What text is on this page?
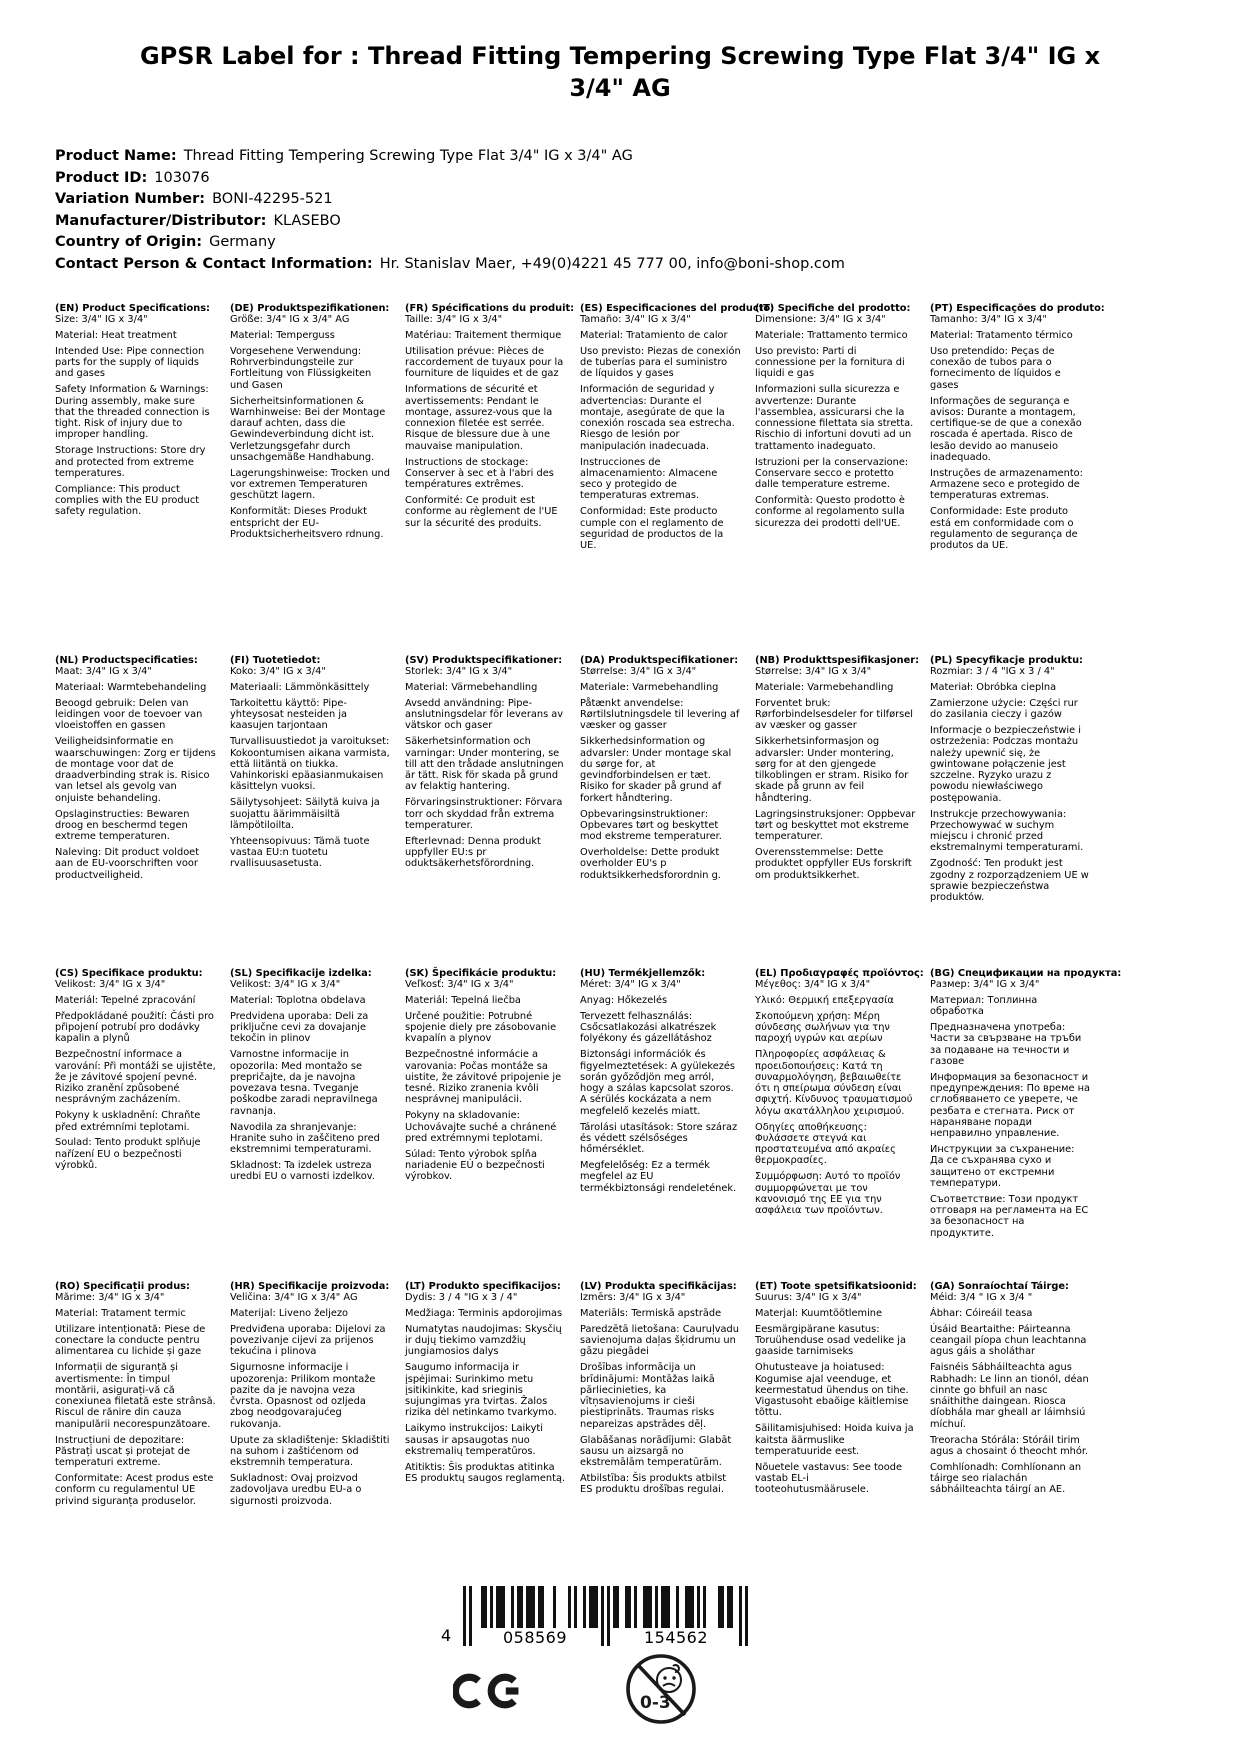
GPSR Label for : Thread Fitting Tempering Screwing Type Flat 3/4" IG x 3/4" AG
Product Name: Thread Fitting Tempering Screwing Type Flat 3/4" IG x 3/4" AG
Product ID: 103076
Variation Number: BONI-42295-521
Manufacturer/Distributor: KLASEBO
Country of Origin: Germany
Contact Person & Contact Information: Hr. Stanislav Maer, +49(0)4221 45 777 00, info@boni-shop.com
(EN) Product Specifications:

Size: 3/4" IG x 3/4"

Material: Heat treatment

Intended Use: Pipe connection parts for the supply of liquids and gases

Safety Information & Warnings: During assembly, make sure that the threaded connection is tight. Risk of injury due to improper handling.

Storage Instructions: Store dry and protected from extreme temperatures.

Compliance: This product complies with the EU product safety regulation.

(DE) Produktspezifikationen:

Größe: 3/4" IG x 3/4" AG

Material: Temperguss

Vorgesehene Verwendung: Rohrverbindungsteile zur Fortleitung von Flüssigkeiten und Gasen

Sicherheitsinformationen & Warnhinweise: Bei der Montage darauf achten, dass die Gewindeverbindung dicht ist. Verletzungsgefahr durch unsachgemäße Handhabung.

Lagerungshinweise: Trocken und vor extremen Temperaturen geschützt lagern.

Konformität: Dieses Produkt entspricht der EU-Produktsicherheitsvero rdnung.

(FR) Spécifications du produit:

Taille: 3/4" IG x 3/4"

Matériau: Traitement thermique

Utilisation prévue: Pièces de raccordement de tuyaux pour la fourniture de liquides et de gaz

Informations de sécurité et avertissements: Pendant le montage, assurez-vous que la connexion filetée est serrée. Risque de blessure due à une mauvaise manipulation.

Instructions de stockage: Conserver à sec et à l'abri des températures extrêmes.

Conformité: Ce produit est conforme au règlement de l'UE sur la sécurité des produits.

(ES) Especificaciones del producto:

Tamaño: 3/4" IG x 3/4"

Material: Tratamiento de calor

Uso previsto: Piezas de conexión de tuberías para el suministro de líquidos y gases

Información de seguridad y advertencias: Durante el montaje, asegúrate de que la conexión roscada sea estrecha. Riesgo de lesión por manipulación inadecuada.

Instrucciones de almacenamiento: Almacene seco y protegido de temperaturas extremas.

Conformidad: Este producto cumple con el reglamento de seguridad de productos de la UE.

(IT) Specifiche del prodotto:

Dimensione: 3/4" IG x 3/4"

Materiale: Trattamento termico

Uso previsto: Parti di connessione per la fornitura di liquidi e gas

Informazioni sulla sicurezza e avvertenze: Durante l'assemblea, assicurarsi che la connessione filettata sia stretta. Rischio di infortuni dovuti ad un trattamento inadeguato.

Istruzioni per la conservazione: Conservare secco e protetto dalle temperature estreme.

Conformità: Questo prodotto è conforme al regolamento sulla sicurezza dei prodotti dell'UE.

(PT) Especificações do produto:

Tamanho: 3/4" IG x 3/4"

Material: Tratamento térmico

Uso pretendido: Peças de conexão de tubos para o fornecimento de líquidos e gases

Informações de segurança e avisos: Durante a montagem, certifique-se de que a conexão roscada é apertada. Risco de lesão devido ao manuseio inadequado.

Instruções de armazenamento: Armazene seco e protegido de temperaturas extremas.

Conformidade: Este produto está em conformidade com o regulamento de segurança de produtos da UE.

(NL) Productspecificaties:

Maat: 3/4" IG x 3/4"

Materiaal: Warmtebehandeling

Beoogd gebruik: Delen van leidingen voor de toevoer van vloeistoffen en gassen

Veiligheidsinformatie en waarschuwingen: Zorg er tijdens de montage voor dat de draadverbinding strak is. Risico van letsel als gevolg van onjuiste behandeling.

Opslaginstructies: Bewaren droog en beschermd tegen extreme temperaturen.

Naleving: Dit product voldoet aan de EU-voorschriften voor productveiligheid.

(FI) Tuotetiedot:

Koko: 3/4" IG x 3/4"

Materiaali: Lämmönkäsittely

Tarkoitettu käyttö: Pipe-yhteysosat nesteiden ja kaasujen tarjontaan

Turvallisuustiedot ja varoitukset: Kokoontumisen aikana varmista, että liitäntä on tiukka. Vahinkoriski epäasianmukaisen käsittelyn vuoksi.

Säilytysohjeet: Säilytä kuiva ja suojattu äärimmäisiltä lämpötiloilta.

Yhteensopivuus: Tämä tuote vastaa EU:n tuotetu rvallisuusasetusta.

(SV) Produktspecifikationer:

Storlek: 3/4" IG x 3/4"

Material: Värmebehandling

Avsedd användning: Pipe-anslutningsdelar för leverans av vätskor och gaser

Säkerhetsinformation och varningar: Under montering, se till att den trådade anslutningen är tätt. Risk för skada på grund av felaktig hantering.

Förvaringsinstruktioner: Förvara torr och skyddad från extrema temperaturer.

Efterlevnad: Denna produkt uppfyller EU:s pr oduktsäkerhetsförordning.

(DA) Produktspecifikationer:

Størrelse: 3/4" IG x 3/4"

Materiale: Varmebehandling

Påtænkt anvendelse: Rørtilslutningsdele til levering af væsker og gasser

Sikkerhedsinformation og advarsler: Under montage skal du sørge for, at gevindforbindelsen er tæt. Risiko for skader på grund af forkert håndtering.

Opbevaringsinstruktioner: Opbevares tørt og beskyttet mod ekstreme temperaturer.

Overholdelse: Dette produkt overholder EU's p roduktsikkerhedsforordnin g.

(NB) Produkttspesifikasjoner:

Størrelse: 3/4" IG x 3/4"

Materiale: Varmebehandling

Forventet bruk: Rørforbindelsesdeler for tilførsel av væsker og gasser

Sikkerhetsinformasjon og advarsler: Under montering, sørg for at den gjengede tilkoblingen er stram. Risiko for skade på grunn av feil håndtering.

Lagringsinstruksjoner: Oppbevar tørt og beskyttet mot ekstreme temperaturer.

Overensstemmelse: Dette produktet oppfyller EUs forskrift om produktsikkerhet.

(PL) Specyfikacje produktu:

Rozmiar: 3 / 4 "IG x 3 / 4"

Materiał: Obróbka cieplna

Zamierzone użycie: Części rur do zasilania cieczy i gazów

Informacje o bezpieczeństwie i ostrzeżenia: Podczas montażu należy upewnić się, że gwintowane połączenie jest szczelne. Ryzyko urazu z powodu niewłaściwego postępowania.

Instrukcje przechowywania: Przechowywać w suchym miejscu i chronić przed ekstremalnymi temperaturami.

Zgodność: Ten produkt jest zgodny z rozporządzeniem UE w sprawie bezpieczeństwa produktów.

(CS) Specifikace produktu:

Velikost: 3/4" IG x 3/4"

Materiál: Tepelné zpracování

Předpokládané použití: Části pro připojení potrubí pro dodávky kapalin a plynů

Bezpečnostní informace a varování: Při montáži se ujistěte, že je závitové spojení pevné. Riziko zranění způsobené nesprávným zacházením.

Pokyny k uskladnění: Chraňte před extrémními teplotami.

Soulad: Tento produkt splňuje nařízení EU o bezpečnosti výrobků.

(SL) Specifikacije izdelka:

Velikost: 3/4" IG x 3/4"

Material: Toplotna obdelava

Predvidena uporaba: Deli za priključne cevi za dovajanje tekočin in plinov

Varnostne informacije in opozorila: Med montažo se prepričajte, da je navojna povezava tesna. Tveganje poškodbe zaradi nepravilnega ravnanja.

Navodila za shranjevanje: Hranite suho in zaščiteno pred ekstremnimi temperaturami.

Skladnost: Ta izdelek ustreza uredbi EU o varnosti izdelkov.

(SK) Špecifikácie produktu:

Veľkosť: 3/4" IG x 3/4"

Materiál: Tepelná liečba

Určené použitie: Potrubné spojenie diely pre zásobovanie kvapalín a plynov

Bezpečnostné informácie a varovania: Počas montáže sa uistite, že závitové pripojenie je tesné. Riziko zranenia kvôli nesprávnej manipulácii.

Pokyny na skladovanie: Uchovávajte suché a chránené pred extrémnymi teplotami.

Súlad: Tento výrobok spĺňa nariadenie EÚ o bezpečnosti výrobkov.

(HU) Termékjellemzők:

Méret: 3/4" IG x 3/4"

Anyag: Hőkezelés

Tervezett felhasználás: Csőcsatlakozási alkatrészek folyékony és gázellátáshoz

Biztonsági információk és figyelmeztetések: A gyülekezés során győződjön meg arról, hogy a szálas kapcsolat szoros. A sérülés kockázata a nem megfelelő kezelés miatt.

Tárolási utasítások: Store száraz és védett szélsőséges hőmérséklet.

Megfelelőség: Ez a termék megfelel az EU termékbiztonsági rendeletének.

(EL) Προδιαγραφές προϊόντος:

Μέγεθος: 3/4" IG x 3/4"

Υλικό: Θερμική επεξεργασία

Σκοπούμενη χρήση: Μέρη σύνδεσης σωλήνων για την παροχή υγρών και αερίων

Πληροφορίες ασφάλειας & προειδοποιήσεις: Κατά τη συναρμολόγηση, βεβαιωθείτε ότι η σπείρωμα σύνδεση είναι σφιχτή. Κίνδυνος τραυματισμού λόγω ακατάλληλου χειρισμού.

Οδηγίες αποθήκευσης: Φυλάσσετε στεγνά και προστατευμένα από ακραίες θερμοκρασίες.

Συμμόρφωση: Αυτό το προϊόν συμμορφώνεται με τον κανονισμό της ΕΕ για την ασφάλεια των προϊόντων.

(BG) Спецификации на продукта:

Размер: 3/4" IG x 3/4"

Материал: Топлинна обработка

Предназначена употреба: Части за свързване на тръби за подаване на течности и газове

Информация за безопасност и предупреждения: По време на сглобяването се уверете, че резбата е стегната. Риск от нараняване поради неправилно управление.

Инструкции за съхранение: Да се съхранява сухо и защитено от екстремни температури.

Съответствие: Този продукт отговаря на регламента на ЕС за безопасност на продуктите.

(RO) Specificații produs:

Mărime: 3/4" IG x 3/4"

Material: Tratament termic

Utilizare intenționată: Piese de conectare la conducte pentru alimentarea cu lichide și gaze

Informații de siguranță și avertismente: În timpul montării, asigurați-vă că conexiunea filetată este strânsă. Riscul de rănire din cauza manipulării necorespunzătoare.

Instrucțiuni de depozitare: Păstrați uscat și protejat de temperaturi extreme.

Conformitate: Acest produs este conform cu regulamentul UE privind siguranța produselor.

(HR) Specifikacije proizvoda:

Veličina: 3/4" IG x 3/4" AG

Materijal: Liveno željezo

Predviđena uporaba: Dijelovi za povezivanje cijevi za prijenos tekućina i plinova

Sigurnosne informacije i upozorenja: Prilikom montaže pazite da je navojna veza čvrsta. Opasnost od ozljeda zbog neodgovarajućeg rukovanja.

Upute za skladištenje: Skladištiti na suhom i zaštićenom od ekstremnih temperatura.

Sukladnost: Ovaj proizvod zadovoljava uredbu EU-a o sigurnosti proizvoda.

(LT) Produkto specifikacijos:

Dydis: 3 / 4 "IG x 3 / 4"

Medžiaga: Terminis apdorojimas

Numatytas naudojimas: Skysčių ir dujų tiekimo vamzdžių jungiamosios dalys

Saugumo informacija ir įspėjimai: Surinkimo metu įsitikinkite, kad srieginis sujungimas yra tvirtas. Žalos rizika dėl netinkamo tvarkymo.

Laikymo instrukcijos: Laikyti sausas ir apsaugotas nuo ekstremalių temperatūros.

Atitiktis: Šis produktas atitinka ES produktų saugos reglamentą.

(LV) Produkta specifikācijas:

Izmērs: 3/4" IG x 3/4"

Materiāls: Termiskā apstrāde

Paredzētā lietošana: Cauruļvadu savienojuma daļas šķidrumu un gāzu piegādei

Drošības informācija un brīdinājumi: Montāžas laikā pārliecinieties, ka vītņsavienojums ir cieši piestiprināts. Traumas risks nepareizas apstrādes dēļ.

Glabāšanas norādījumi: Glabāt sausu un aizsargā no ekstremālām temperatūrām.

Atbilstība: Šis produkts atbilst ES produktu drošības regulai.

(ET) Toote spetsifikatsioonid:

Suurus: 3/4" IG x 3/4"

Materjal: Kuumtöötlemine

Eesmärgipärane kasutus: Toruühenduse osad vedelike ja gaaside tarnimiseks

Ohutusteave ja hoiatused: Kogumise ajal veenduge, et keermestatud ühendus on tihe. Vigastusoht ebaõige käitlemise tõttu.

Säilitamisjuhised: Hoida kuiva ja kaitsta äärmuslike temperatuuride eest.

Nõuetele vastavus: See toode vastab EL-i tooteohutusmäärusele.

(GA) Sonraíochtaí Táirge:

Méid: 3/4 " IG x 3/4 "

Ábhar: Cóireáil teasa

Úsáid Beartaithe: Páirteanna ceangail píopa chun leachtanna agus gáis a sholáthar

Faisnéis Sábháilteachta agus Rabhadh: Le linn an tionól, déan cinnte go bhfuil an nasc snáithithe daingean. Riosca díobhála mar gheall ar láimhsiú míchuí.

Treoracha Stórála: Stóráil tirim agus a chosaint ó theocht mhór.

Comhlíonadh: Comhlíonann an táirge seo rialachán sábháilteachta táirgí an AE.

4	058569	154562
0-3
